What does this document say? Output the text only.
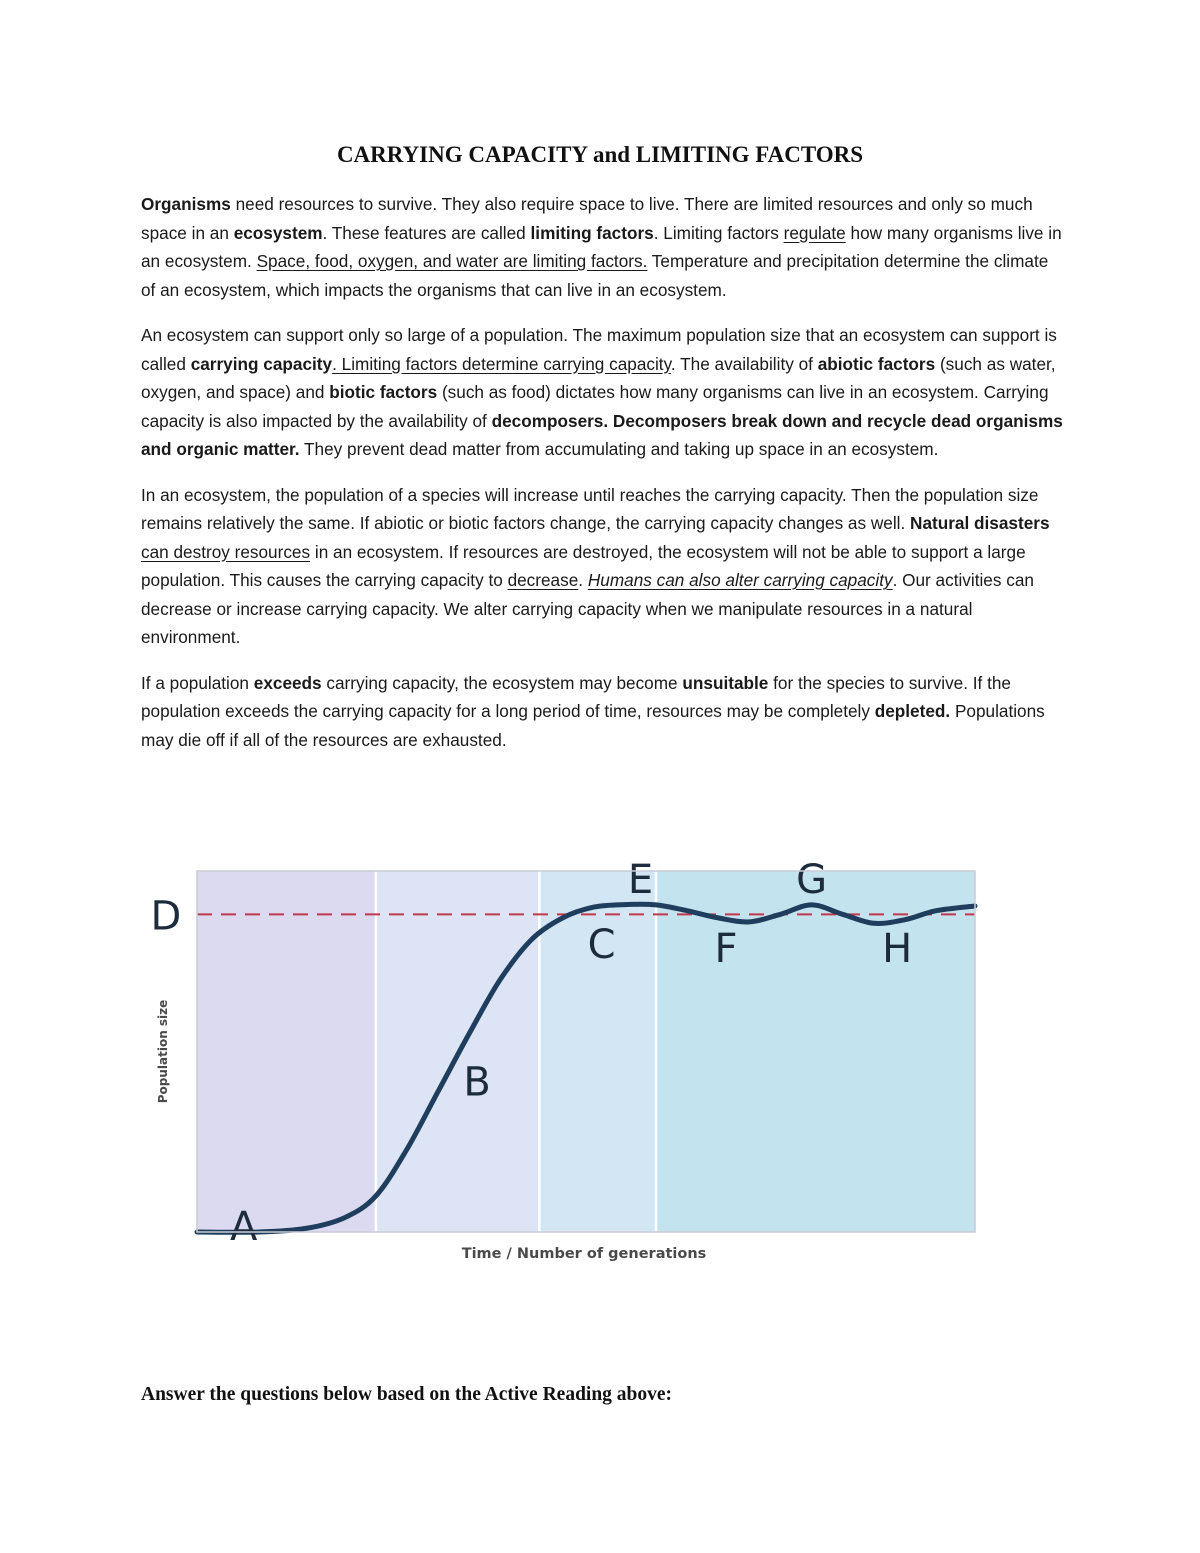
CARRYING CAPACITY and LIMITING FACTORS

Organisms need resources to survive. They also require space to live. There are limited resources and only so much space in an ecosystem. These features are called limiting factors. Limiting factors regulate how many organisms live in an ecosystem. Space, food, oxygen, and water are limiting factors. Temperature and precipitation determine the climate of an ecosystem, which impacts the organisms that can live in an ecosystem.

An ecosystem can support only so large of a population. The maximum population size that an ecosystem can support is called carrying capacity. Limiting factors determine carrying capacity. The availability of abiotic factors (such as water, oxygen, and space) and biotic factors (such as food) dictates how many organisms can live in an ecosystem. Carrying capacity is also impacted by the availability of decomposers. Decomposers break down and recycle dead organisms and organic matter. They prevent dead matter from accumulating and taking up space in an ecosystem.

In an ecosystem, the population of a species will increase until reaches the carrying capacity. Then the population size remains relatively the same. If abiotic or biotic factors change, the carrying capacity changes as well. Natural disasters can destroy resources in an ecosystem. If resources are destroyed, the ecosystem will not be able to support a large population. This causes the carrying capacity to decrease. Humans can also alter carrying capacity. Our activities can decrease or increase carrying capacity. We alter carrying capacity when we manipulate resources in a natural environment.

If a population exceeds carrying capacity, the ecosystem may become unsuitable for the species to survive. If the population exceeds the carrying capacity for a long period of time, resources may be completely depleted. Populations may die off if all of the resources are exhausted.

A
B
C
D
E
F
G
H
Population size
Time / Number of generations
Answer the questions below based on the Active Reading above:
